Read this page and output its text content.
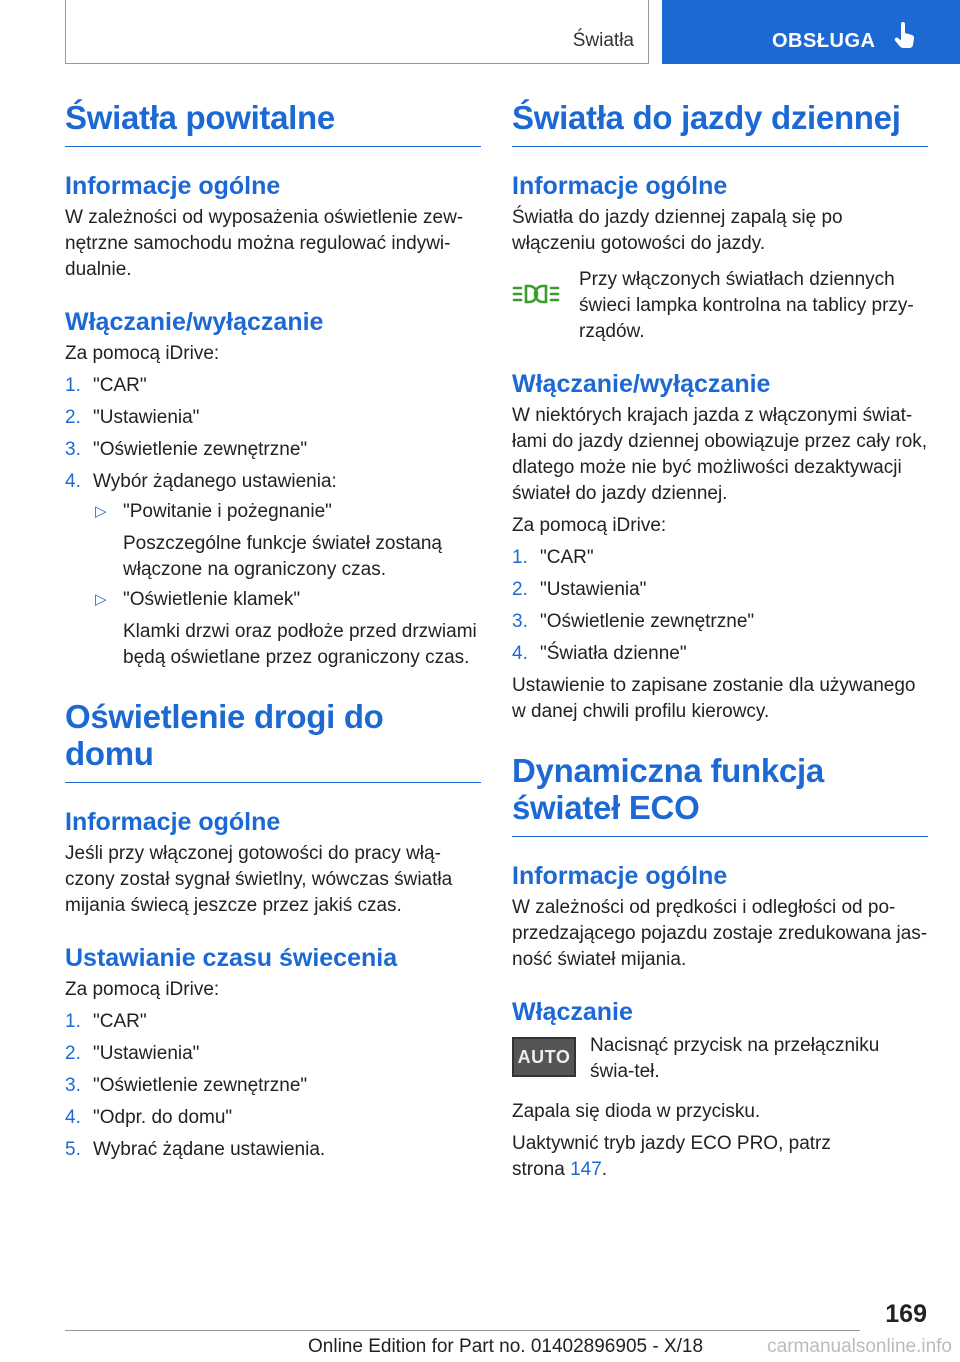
Światła	OBSŁUGA
Światła powitalne
Informacje ogólne

W zależności od wyposażenia oświetlenie zew-nętrzne samochodu można regulować indywi-dualnie.

Włączanie/wyłączanie

Za pomocą iDrive:

1. "CAR"
2. "Ustawienia"
3. "Oświetlenie zewnętrzne"
4. Wybór żądanego ustawienia:
▷ "Powitanie i pożegnanie"
Poszczególne funkcje świateł zostaną włączone na ograniczony czas.
▷ "Oświetlenie klamek"
Klamki drzwi oraz podłoże przed drzwiami będą oświetlane przez ograniczony czas.
Oświetlenie drogi do domu
Informacje ogólne

Jeśli przy włączonej gotowości do pracy włą-czony został sygnał świetlny, wówczas światła mijania świecą jeszcze przez jakiś czas.

Ustawianie czasu świecenia

Za pomocą iDrive:

1. "CAR"
2. "Ustawienia"
3. "Oświetlenie zewnętrzne"
4. "Odpr. do domu"
5. Wybrać żądane ustawienia.
Światła do jazdy dziennej
Informacje ogólne

Światła do jazdy dziennej zapalą się po włączeniu gotowości do jazdy.

Przy włączonych światłach dziennych świeci lampka kontrolna na tablicy przy-rządów.

Włączanie/wyłączanie

W niektórych krajach jazda z włączonymi świat-łami do jazdy dziennej obowiązuje przez cały rok, dlatego może nie być możliwości dezaktywacji świateł do jazdy dziennej.

Za pomocą iDrive:

1. "CAR"
2. "Ustawienia"
3. "Oświetlenie zewnętrzne"
4. "Światła dzienne"

Ustawienie to zapisane zostanie dla używanego w danej chwili profilu kierowcy.

Dynamiczna funkcja świateł ECO
Informacje ogólne

W zależności od prędkości i odległości od po-przedzającego pojazdu zostaje zredukowana jas-ność świateł mijania.

Włączanie
AUTO

Nacisnąć przycisk na przełączniku świa-teł.

Zapala się dioda w przycisku.

Uaktywnić tryb jazdy ECO PRO, patrz
strona 147.

169
Online Edition for Part no. 01402896905 - X/18	carmanualsonline.info
